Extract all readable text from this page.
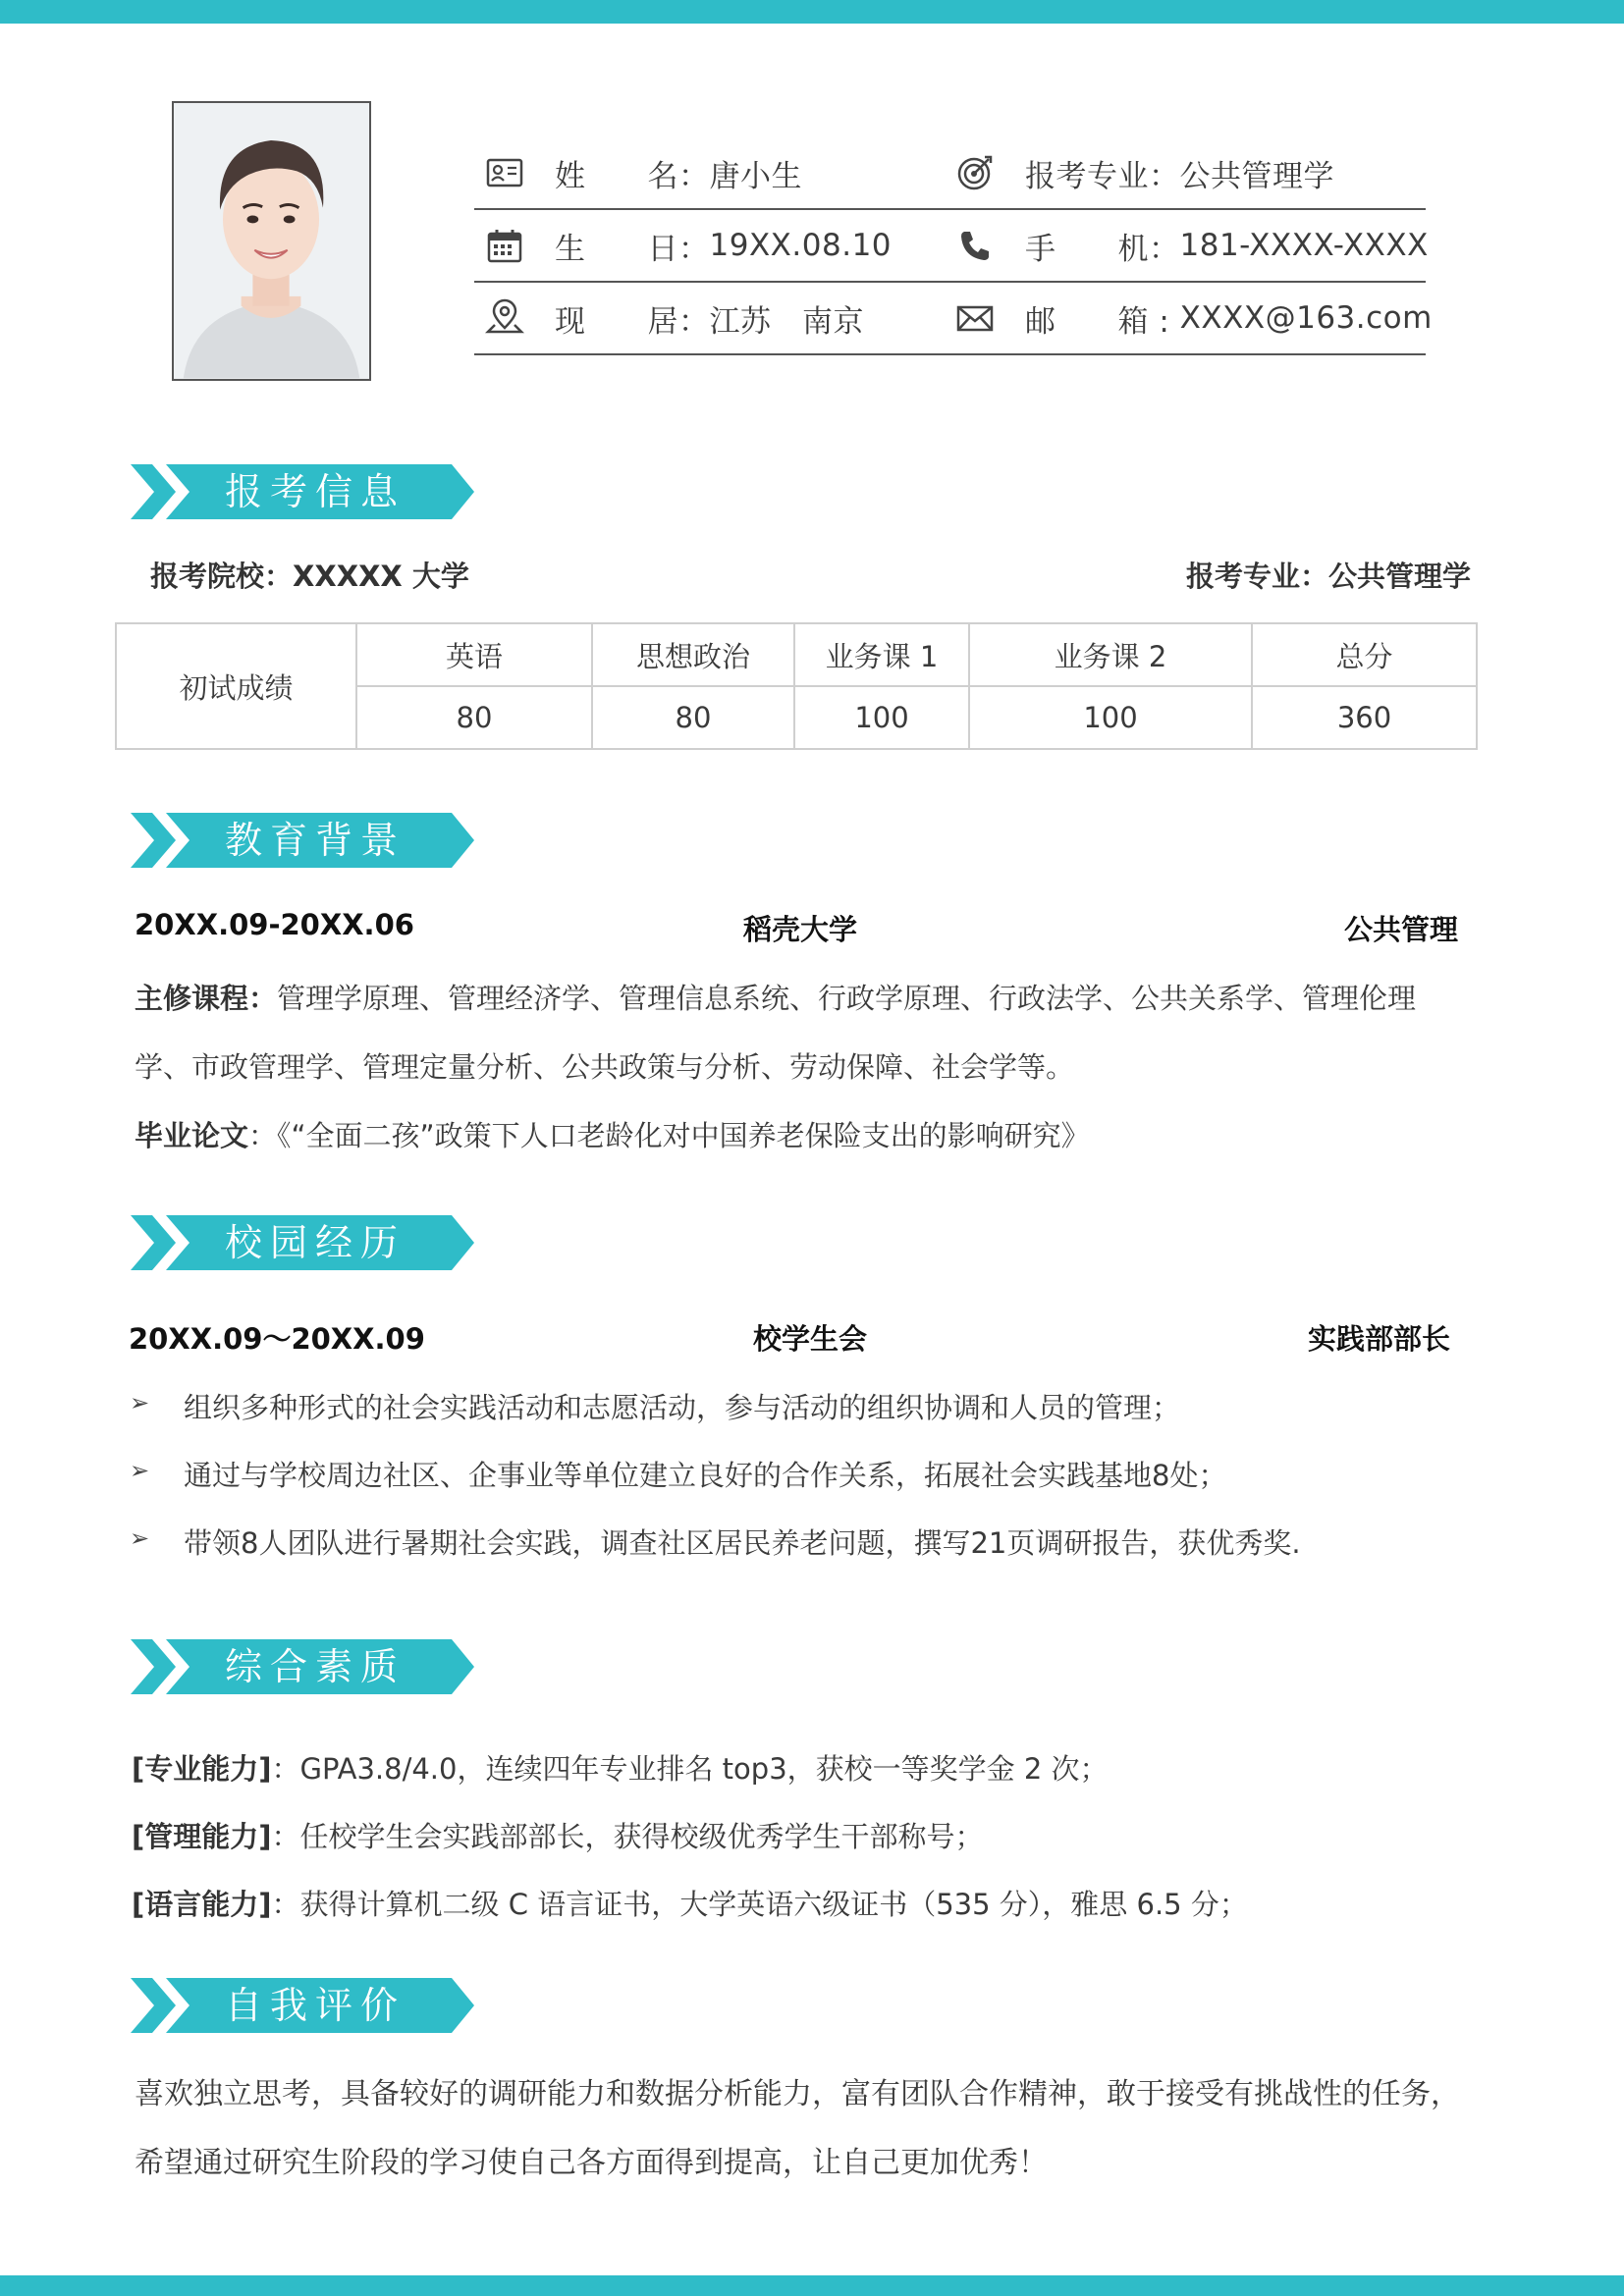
姓　　名： 唐小生	报考专业： 公共管理学
生　　日： 19XX.08.10	手　　机： 181-XXXX-XXXX
现　　居： 江苏　南京	邮　　箱 : XXXX@163.com
报考信息
报考院校：XXXXX 大学	报考专业：公共管理学
初试成绩	英语	思想政治	业务课 1	业务课 2	总分
	80	80	100	100	360
教育背景
20XX.09-20XX.06	稻壳大学	公共管理
主修课程：管理学原理、管理经济学、管理信息系统、行政学原理、行政法学、公共关系学、管理伦理
学、市政管理学、管理定量分析、公共政策与分析、劳动保障、社会学等。
毕业论文：《“全面二孩”政策下人口老龄化对中国养老保险支出的影响研究》
校园经历
20XX.09～20XX.09	校学生会	实践部部长
➢ 组织多种形式的社会实践活动和志愿活动，参与活动的组织协调和人员的管理；
➢ 通过与学校周边社区、企事业等单位建立良好的合作关系，拓展社会实践基地8处；
➢ 带领8人团队进行暑期社会实践，调查社区居民养老问题，撰写21页调研报告，获优秀奖.
综合素质
[专业能力]：GPA3.8/4.0，连续四年专业排名 top3，获校一等奖学金 2 次；
[管理能力]：任校学生会实践部部长，获得校级优秀学生干部称号；
[语言能力]：获得计算机二级 C 语言证书，大学英语六级证书（535 分），雅思 6.5 分；
自我评价
喜欢独立思考，具备较好的调研能力和数据分析能力，富有团队合作精神，敢于接受有挑战性的任务，
希望通过研究生阶段的学习使自己各方面得到提高，让自己更加优秀！
